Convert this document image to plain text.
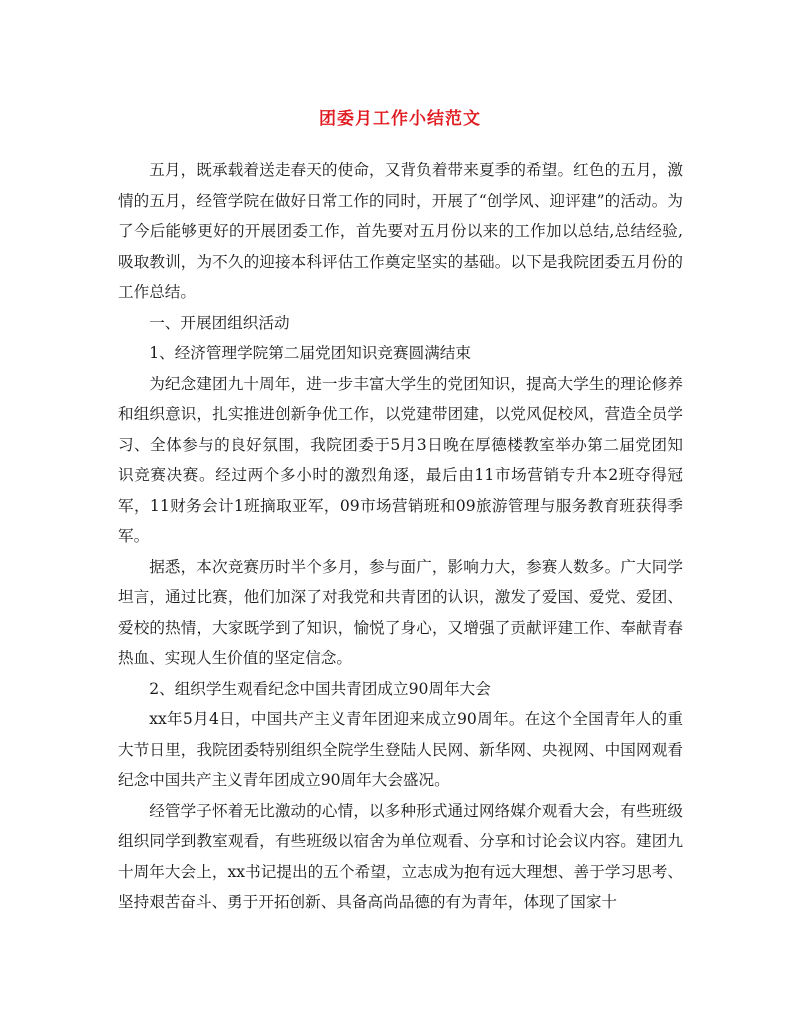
团委月工作小结范文

五月，既承载着送走春天的使命，又背负着带来夏季的希望。红色的五月，激情的五月，经管学院在做好日常工作的同时，开展了“创学风、迎评建”的活动。为了今后能够更好的开展团委工作，首先要对五月份以来的工作加以总结,总结经验,吸取教训，为不久的迎接本科评估工作奠定坚实的基础。以下是我院团委五月份的工作总结。

一、开展团组织活动

1、经济管理学院第二届党团知识竞赛圆满结束

为纪念建团九十周年，进一步丰富大学生的党团知识，提高大学生的理论修养和组织意识，扎实推进创新争优工作，以党建带团建，以党风促校风，营造全员学习、全体参与的良好氛围，我院团委于5月3日晚在厚德楼教室举办第二届党团知识竞赛决赛。经过两个多小时的激烈角逐，最后由11市场营销专升本2班夺得冠军，11财务会计1班摘取亚军，09市场营销班和09旅游管理与服务教育班获得季军。

据悉，本次竞赛历时半个多月，参与面广，影响力大，参赛人数多。广大同学坦言，通过比赛，他们加深了对我党和共青团的认识，激发了爱国、爱党、爱团、爱校的热情，大家既学到了知识，愉悦了身心，又增强了贡献评建工作、奉献青春热血、实现人生价值的坚定信念。

2、组织学生观看纪念中国共青团成立90周年大会

xx年5月4日，中国共产主义青年团迎来成立90周年。在这个全国青年人的重大节日里，我院团委特别组织全院学生登陆人民网、新华网、央视网、中国网观看纪念中国共产主义青年团成立90周年大会盛况。

经管学子怀着无比激动的心情，以多种形式通过网络媒介观看大会，有些班级组织同学到教室观看，有些班级以宿舍为单位观看、分享和讨论会议内容。建团九十周年大会上，xx书记提出的五个希望，立志成为抱有远大理想、善于学习思考、坚持艰苦奋斗、勇于开拓创新、具备高尚品德的有为青年，体现了国家十
